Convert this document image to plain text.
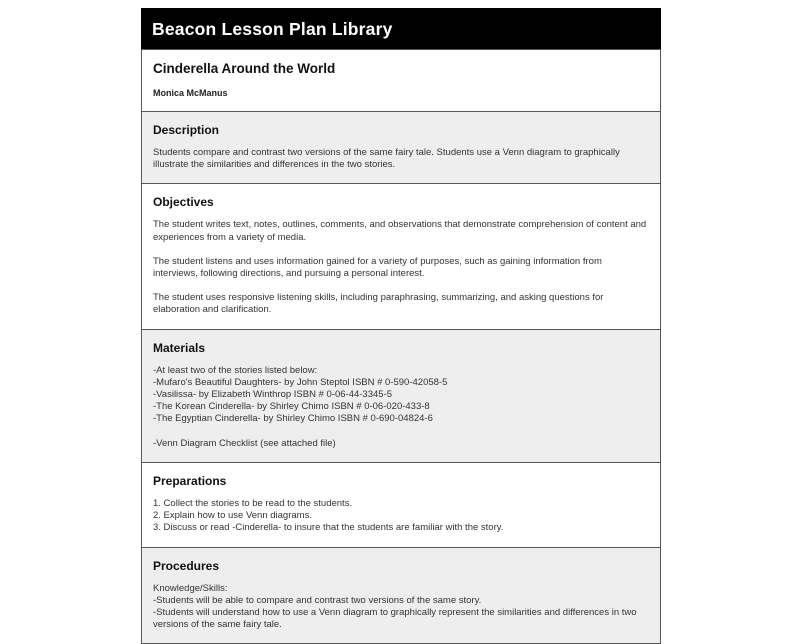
Beacon Lesson Plan Library
Cinderella Around the World
Monica McManus
Description
Students compare and contrast two versions of the same fairy tale. Students use a Venn diagram to graphically illustrate the similarities and differences in the two stories.
Objectives
The student writes text, notes, outlines, comments, and observations that demonstrate comprehension of content and experiences from a variety of media.
The student listens and uses information gained for a variety of purposes, such as gaining information from interviews, following directions, and pursuing a personal interest.
The student uses responsive listening skills, including paraphrasing, summarizing, and asking questions for elaboration and clarification.
Materials
-At least two of the stories listed below:
-Mufaro's Beautiful Daughters- by John Steptol ISBN # 0-590-42058-5
-Vasilissa- by Elizabeth Winthrop ISBN # 0-06-44-3345-5
-The Korean Cinderella- by Shirley Chimo ISBN # 0-06-020-433-8
-The Egyptian Cinderella- by Shirley Chimo ISBN # 0-690-04824-6

-Venn Diagram Checklist (see attached file)
Preparations
1. Collect the stories to be read to the students.
2. Explain how to use Venn diagrams.
3. Discuss or read -Cinderella- to insure that the students are familiar with the story.
Procedures
Knowledge/Skills:
-Students will be able to compare and contrast two versions of the same story.
-Students will understand how to use a Venn diagram to graphically represent the similarities and differences in two versions of the same fairy tale.
